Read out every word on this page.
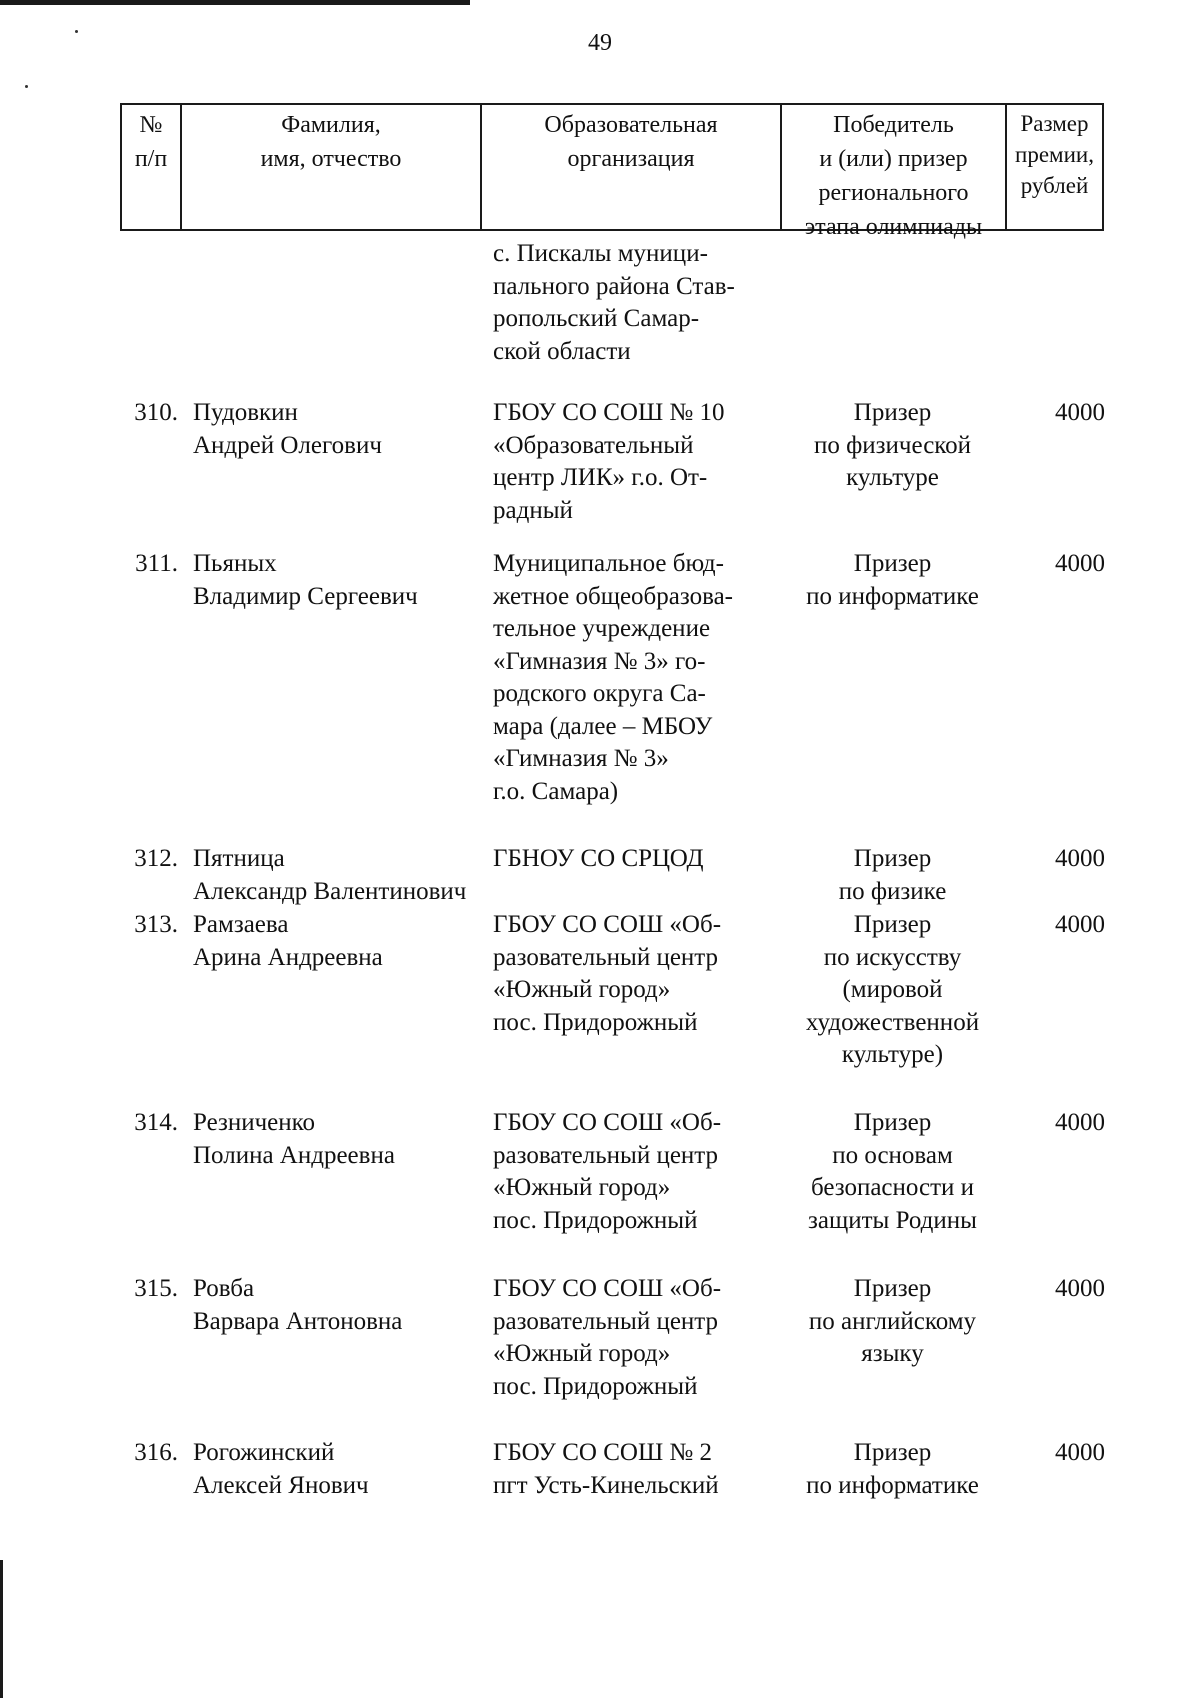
49
№
п/п
Фамилия,
имя, отчество
Образовательная
организация
Победитель
и (или) призер
регионального
этапа олимпиады
Размер
премии,
рублей
с. Пискалы муници-
пального района Став-
ропольский Самар-
ской области
310. Пудовкин
Андрей Олегович
ГБОУ СО СОШ № 10
«Образовательный
центр ЛИК» г.о. От-
радный
Призер
по физической
культуре
4000
311. Пьяных
Владимир Сергеевич
Муниципальное бюд-
жетное общеобразова-
тельное учреждение
«Гимназия № 3» го-
родского округа Са-
мара (далее – МБОУ
«Гимназия № 3»
г.о. Самара)
Призер
по информатике
4000
312. Пятница
Александр Валентинович
ГБНОУ СО СРЦОД	Призер
по физике
4000
313. Рамзаева
Арина Андреевна
ГБОУ СО СОШ «Об-
разовательный центр
«Южный город»
пос. Придорожный
Призер
по искусству
(мировой
художественной
культуре)
4000
314. Резниченко
Полина Андреевна
ГБОУ СО СОШ «Об-
разовательный центр
«Южный город»
пос. Придорожный
Призер
по основам
безопасности и
защиты Родины
4000
315. Ровба
Варвара Антоновна
ГБОУ СО СОШ «Об-
разовательный центр
«Южный город»
пос. Придорожный
Призер
по английскому
языку
4000
316. Рогожинский
Алексей Янович
ГБОУ СО СОШ № 2
пгт Усть-Кинельский
Призер
по информатике
4000
